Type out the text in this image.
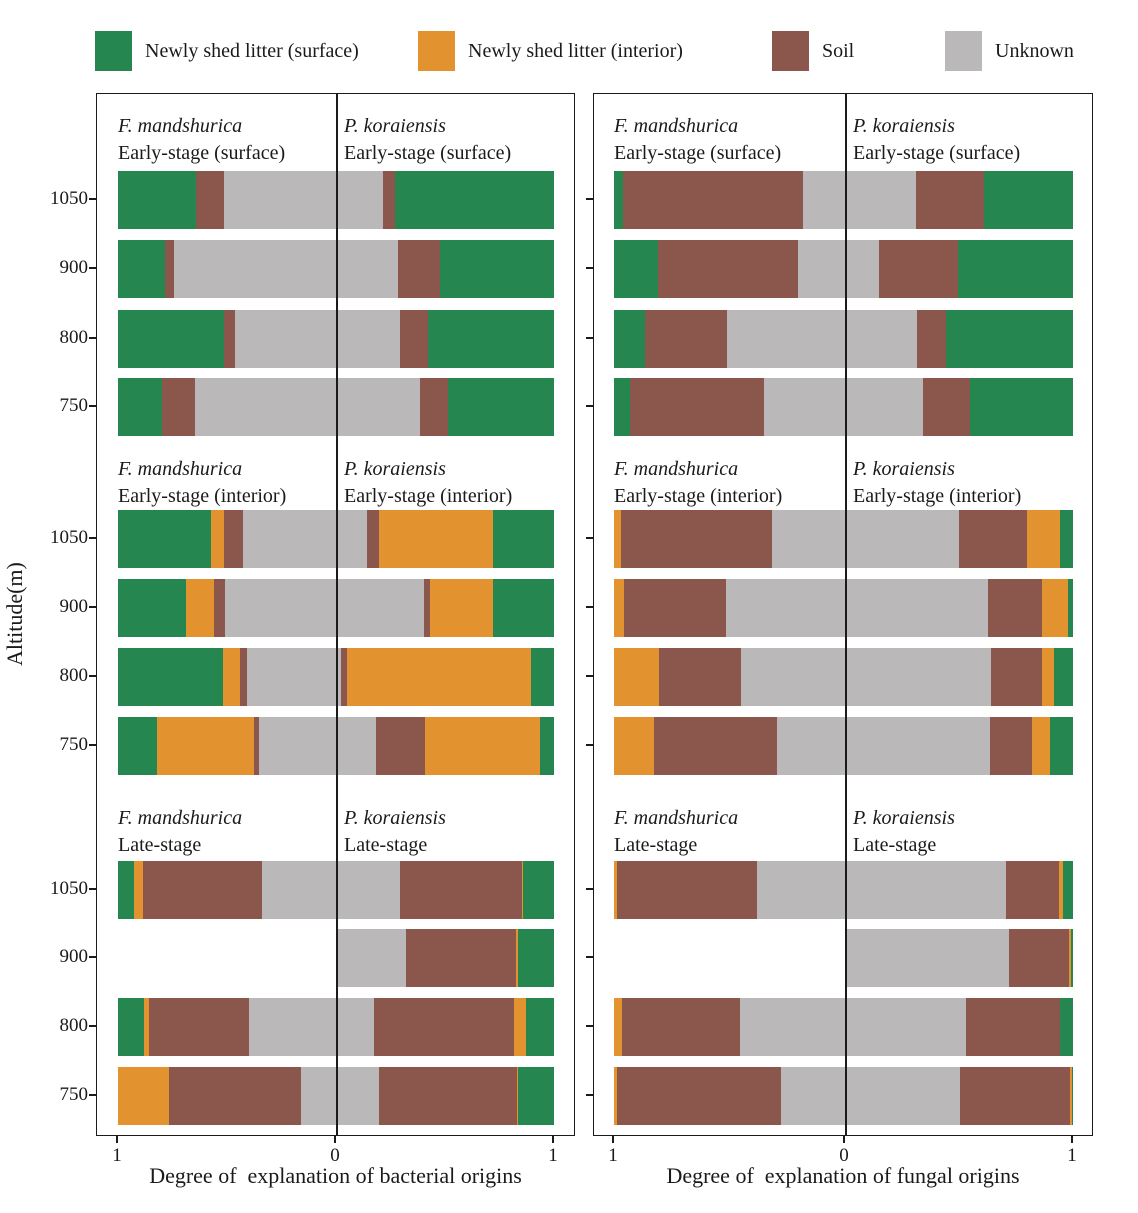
Newly shed litter (surface)	Newly shed litter (interior)	Soil	Unknown
Altitude(m)
F. mandshurica
Early-stage (surface)
P. koraiensis
Early-stage (surface)
F. mandshurica
Early-stage (interior)
P. koraiensis
Early-stage (interior)
F. mandshurica
Late-stage
P. koraiensis
Late-stage
F. mandshurica
Early-stage (surface)
P. koraiensis
Early-stage (surface)
F. mandshurica
Early-stage (interior)
P. koraiensis
Early-stage (interior)
F. mandshurica
Late-stage
P. koraiensis
Late-stage
Degree of  explanation of bacterial origins	Degree of  explanation of fungal origins
1050
900
800
750
1050
900
800
750
1050
900
800
750
1	0	1	1	0	1
